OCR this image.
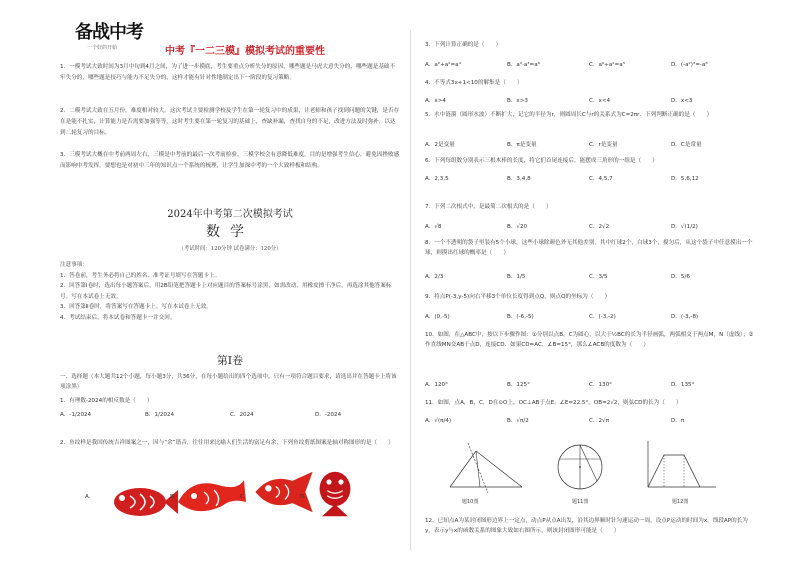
备战中考
一个好的开始	中考『一二三模』模拟考试的重要性
1．一模考试大致时间为3月中旬到4月之间，为了进一步摸底，考生要重点分析失分的原因，哪些题是马虎大意失分的，哪些题是基础不牢失分的，哪些题是技巧与能力不足失分的，这样才能有针对性地制定出下一阶段的复习策略。
2．二模考试大致在五月份，难度相对较大。这次考试主要检测学校及学生在第一轮复习中的成果，让老师和孩子找到问题的关键，是否存在是能不扎实，计算能力是否需要加强等等。这时考生要在第一轮复习的基础上，查缺补漏，查找自身的不足，改进方法及时弥补，以达到二轮复习的目标。
3．三模考试大概在中考前两周左右，三模是中考前的最后一次考前检验。三模学校会有意降低难度，目的是增强考生信心，避免因挫败感而影响中考发挥，要想也是对初中三年的知识点一个系统的梳理，让学生加深中考的一个大致样板和结构。
2024年中考第二次模拟考试
数学
（考试时间：120分钟 试卷满分：120分）
注意事项：
1．答卷前，考生务必将自己的姓名、准考证号填写在答题卡上。
2．回答第Ⅰ卷时，选出每小题答案后，用2B铅笔把答题卡上对应题目的答案标号涂黑，如需改动，用橡皮擦干净后，再选涂其他答案标号。写在本试卷上无效。
3．回答第Ⅱ卷时，将答案写在答题卡上。写在本试卷上无效。
4．考试结束后，将本试卷和答题卡一并交回。
第Ⅰ卷
一、选择题（本大题共12个小题，每小题3分，共36分，在每小题给出的四个选项中，只有一项符合题目要求，请选出并在答题卡上将该项涂黑）
1．有理数-2024的相反数是（　　）
A．-1/2024	B．1/2024	C．2024	D．-2024
2．鱼纹样是我国传统吉祥图案之一，因与“余”谐音，往往用来比喻人们生活的富足有余，下列鱼纹剪纸图案是轴对称图形的是（　　）
A．	B．	C．	D．
3．下列计算正确的是（　　）
A．a²+a²=a⁴	B．a²·a³=a⁶	C．a⁶÷a²=a³	D．(-a²)³=-a⁶
4．不等式3x+1<10的解集是（　　）
A．x>4	B．x>3	C．x<4	D．x<3
5．水中涟漪（圆形水波）不断扩大，记它的半径为r，则圆周长C与r的关系式为C=2πr．下列判断正确的是（　　）
A．2是变量	B．π是变量	C．r是变量	D．C是常量
6．下列每组数分别表示三根木棒的长度，将它们首尾连接后，能摆成三角形的一组是（　　）
A．2,3,5	B．3,4,8	C．4,5,7	D．5,6,12
7．下列二次根式中，是最简二次根式的是（　　）
A．√8	B．√20	C．2√2	D．√(1/2)
8．一个不透明的袋子里装有5个小球，这些小球除颜色外无其他差别，其中红球2个，白球3个，搅匀后，从这个袋子中任意摸出一个球，则摸出红球的概率是（　　）
A．2/3	B．1/5	C．3/5	D．5/6
9．将点P(-3,y-5)向右平移3个单位长度得到点Q，则点Q的坐标为（　　）
A．(0,-5)	B．(-6,-5)	C．(-3,-2)	D．(-3,-8)
10．如图，在△ABC中，按以下步骤作图：①分别以点B，C为圆心，以大于½BC的长为半径画弧，两弧相交于两点M，N（虚线）；②作直线MN交AB于点D，连接CD．如果CD=AC，∠B=15°，那么∠ACB的度数为（　　）
A．120°	B．125°	C．130°	D．135°
11．如图，点A，B，C，D在⊙O上，OC⊥AB于点E，∠E=22.5°，OB=2√2，则弦CD的长为（　　）
A．√(π/4)	B．√π/2	C．2√π	D．π
题10图	题11图	题12图
12．已知点A为某封闭图形边界上一定点，动点P从点A出发，沿其边界顺时针匀速运动一周，设点P运动的时间为x，线段AP的长为y，表示y与x的函数关系的图象大致如右图所示，则该封闭图形可能是（　　）
